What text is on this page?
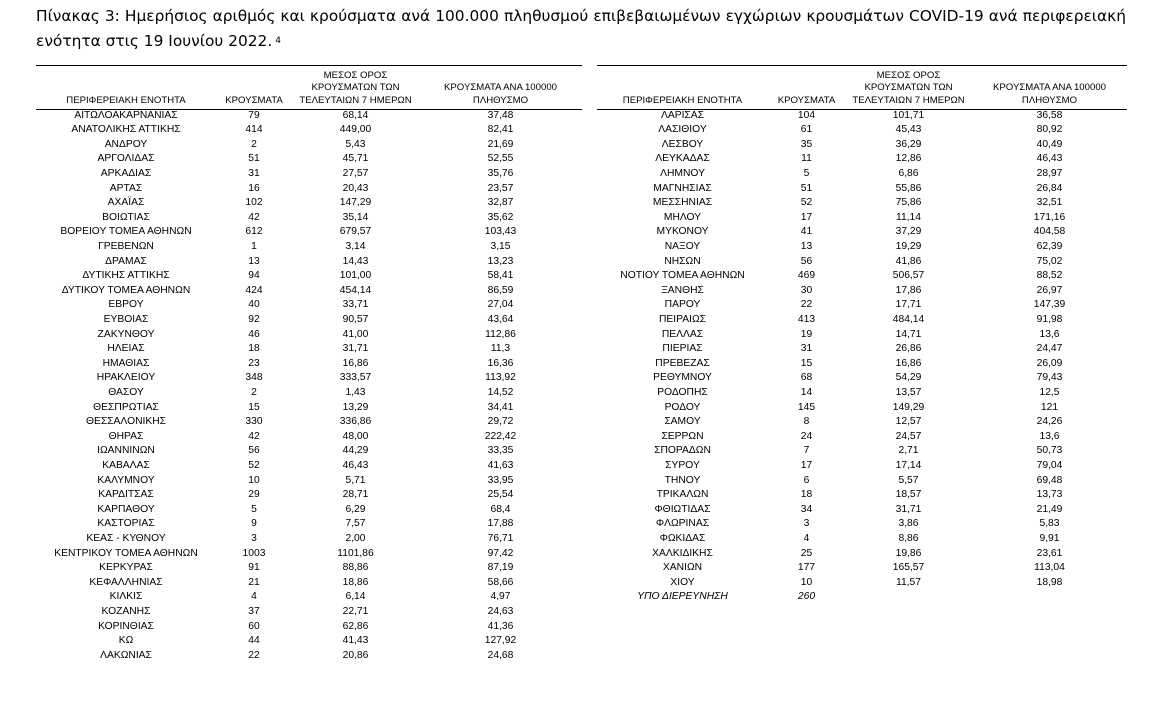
Πίνακας 3: Ημερήσιος αριθμός και κρούσματα ανά 100.000 πληθυσμού επιβεβαιωμένων εγχώριων κρουσμάτων COVID-19 ανά περιφερειακή ενότητα στις 19 Ιουνίου 2022. $^4$
ΠΕΡΙΦΕΡΕΙΑΚΗ ΕΝΟΤΗΤΑ	ΚΡΟΥΣΜΑΤΑ
ΜΕΣΟΣ ΟΡΟΣ
ΚΡΟΥΣΜΑΤΩΝ ΤΩΝ
ΤΕΛΕΥΤΑΙΩΝ 7 ΗΜΕΡΩΝ
ΚΡΟΥΣΜΑΤΑ ΑΝΑ 100000
ΠΛΗΘΥΣΜΟ
ΑΙΤΩΛΟΑΚΑΡΝΑΝΙΑΣ	79	68,14	37,48
ΑΝΑΤΟΛΙΚΗΣ ΑΤΤΙΚΗΣ	414	449,00	82,41
ΑΝΔΡΟΥ	2	5,43	21,69
ΑΡΓΟΛΙΔΑΣ	51	45,71	52,55
ΑΡΚΑΔΙΑΣ	31	27,57	35,76
ΑΡΤΑΣ	16	20,43	23,57
ΑΧΑΪΑΣ	102	147,29	32,87
ΒΟΙΩΤΙΑΣ	42	35,14	35,62
ΒΟΡΕΙΟΥ ΤΟΜΕΑ ΑΘΗΝΩΝ	612	679,57	103,43
ΓΡΕΒΕΝΩΝ	1	3,14	3,15
ΔΡΑΜΑΣ	13	14,43	13,23
ΔΥΤΙΚΗΣ ΑΤΤΙΚΗΣ	94	101,00	58,41
ΔΥΤΙΚΟΥ ΤΟΜΕΑ ΑΘΗΝΩΝ	424	454,14	86,59
ΕΒΡΟΥ	40	33,71	27,04
ΕΥΒΟΙΑΣ	92	90,57	43,64
ΖΑΚΥΝΘΟΥ	46	41,00	112,86
ΗΛΕΙΑΣ	18	31,71	11,3
ΗΜΑΘΙΑΣ	23	16,86	16,36
ΗΡΑΚΛΕΙΟΥ	348	333,57	113,92
ΘΑΣΟΥ	2	1,43	14,52
ΘΕΣΠΡΩΤΙΑΣ	15	13,29	34,41
ΘΕΣΣΑΛΟΝΙΚΗΣ	330	336,86	29,72
ΘΗΡΑΣ	42	48,00	222,42
ΙΩΑΝΝΙΝΩΝ	56	44,29	33,35
ΚΑΒΑΛΑΣ	52	46,43	41,63
ΚΑΛΥΜΝΟΥ	10	5,71	33,95
ΚΑΡΔΙΤΣΑΣ	29	28,71	25,54
ΚΑΡΠΑΘΟΥ	5	6,29	68,4
ΚΑΣΤΟΡΙΑΣ	9	7,57	17,88
ΚΕΑΣ - ΚΥΘΝΟΥ	3	2,00	76,71
ΚΕΝΤΡΙΚΟΥ ΤΟΜΕΑ ΑΘΗΝΩΝ	1003	1101,86	97,42
ΚΕΡΚΥΡΑΣ	91	88,86	87,19
ΚΕΦΑΛΛΗΝΙΑΣ	21	18,86	58,66
ΚΙΛΚΙΣ	4	6,14	4,97
ΚΟΖΑΝΗΣ	37	22,71	24,63
ΚΟΡΙΝΘΙΑΣ	60	62,86	41,36
ΚΩ	44	41,43	127,92
ΛΑΚΩΝΙΑΣ	22	20,86	24,68
ΠΕΡΙΦΕΡΕΙΑΚΗ ΕΝΟΤΗΤΑ	ΚΡΟΥΣΜΑΤΑ
ΜΕΣΟΣ ΟΡΟΣ
ΚΡΟΥΣΜΑΤΩΝ ΤΩΝ
ΤΕΛΕΥΤΑΙΩΝ 7 ΗΜΕΡΩΝ
ΚΡΟΥΣΜΑΤΑ ΑΝΑ 100000
ΠΛΗΘΥΣΜΟ
ΛΑΡΙΣΑΣ	104	101,71	36,58
ΛΑΣΙΘΙΟΥ	61	45,43	80,92
ΛΕΣΒΟΥ	35	36,29	40,49
ΛΕΥΚΑΔΑΣ	11	12,86	46,43
ΛΗΜΝΟΥ	5	6,86	28,97
ΜΑΓΝΗΣΙΑΣ	51	55,86	26,84
ΜΕΣΣΗΝΙΑΣ	52	75,86	32,51
ΜΗΛΟΥ	17	11,14	171,16
ΜΥΚΟΝΟΥ	41	37,29	404,58
ΝΑΞΟΥ	13	19,29	62,39
ΝΗΣΩΝ	56	41,86	75,02
ΝΟΤΙΟΥ ΤΟΜΕΑ ΑΘΗΝΩΝ	469	506,57	88,52
ΞΑΝΘΗΣ	30	17,86	26,97
ΠΑΡΟΥ	22	17,71	147,39
ΠΕΙΡΑΙΩΣ	413	484,14	91,98
ΠΕΛΛΑΣ	19	14,71	13,6
ΠΙΕΡΙΑΣ	31	26,86	24,47
ΠΡΕΒΕΖΑΣ	15	16,86	26,09
ΡΕΘΥΜΝΟΥ	68	54,29	79,43
ΡΟΔΟΠΗΣ	14	13,57	12,5
ΡΟΔΟΥ	145	149,29	121
ΣΑΜΟΥ	8	12,57	24,26
ΣΕΡΡΩΝ	24	24,57	13,6
ΣΠΟΡΑΔΩΝ	7	2,71	50,73
ΣΥΡΟΥ	17	17,14	79,04
ΤΗΝΟΥ	6	5,57	69,48
ΤΡΙΚΑΛΩΝ	18	18,57	13,73
ΦΘΙΩΤΙΔΑΣ	34	31,71	21,49
ΦΛΩΡΙΝΑΣ	3	3,86	5,83
ΦΩΚΙΔΑΣ	4	8,86	9,91
ΧΑΛΚΙΔΙΚΗΣ	25	19,86	23,61
ΧΑΝΙΩΝ	177	165,57	113,04
ΧΙΟΥ	10	11,57	18,98
ΥΠΟ ΔΙΕΡΕΥΝΗΣΗ	260
